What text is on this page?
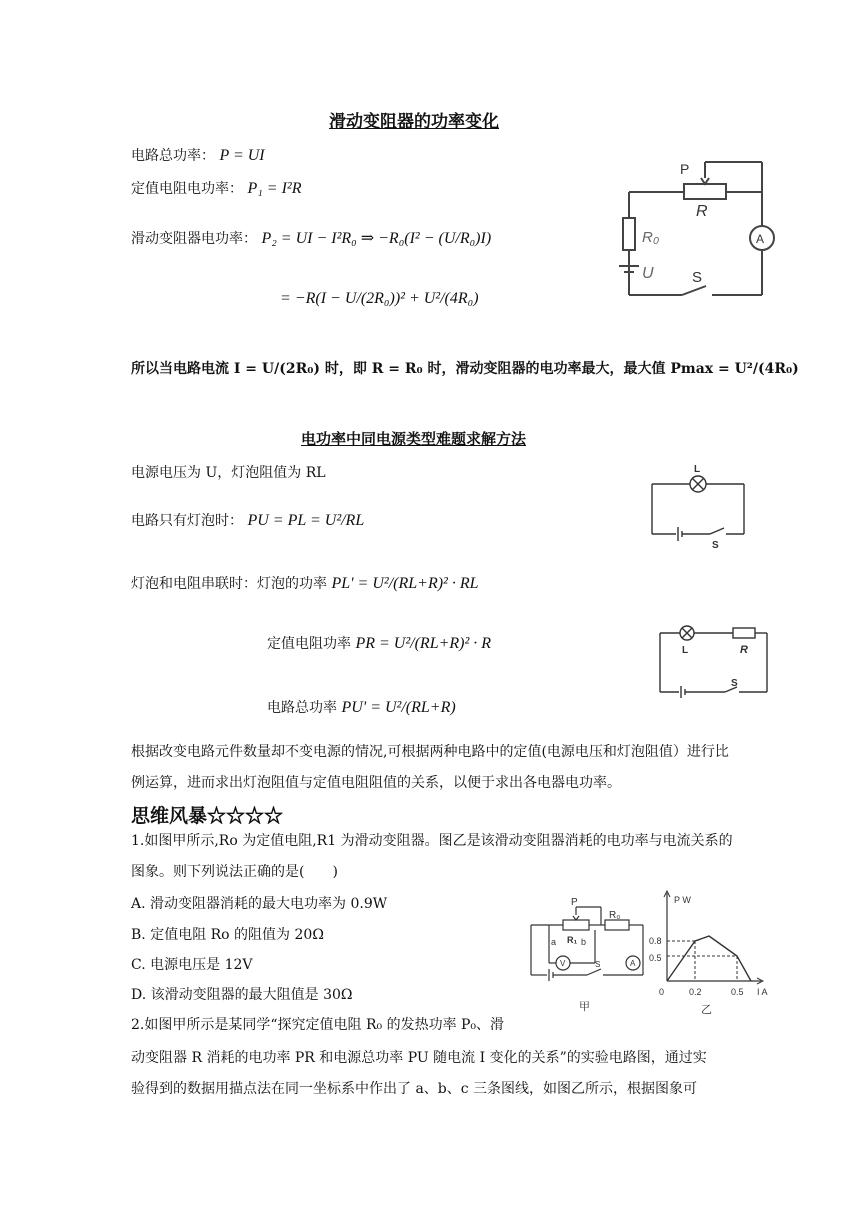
滑动变阻器的功率变化
电路总功率： P = UI
定值电阻电功率： P₁ = I²R
滑动变阻器电功率： P₂ = UI − I²R₀ ⇒ −R₀(I² − (U/R₀)I)
= −R(I − U/(2R₀))² + U²/(4R₀)
所以当电路电流 I = U/(2R₀) 时，即 R = R₀ 时，滑动变阻器的电功率最大，最大值 Pmax = U²/(4R₀)
P
R
R₀
U	S
A
电功率中同电源类型难题求解方法
电源电压为 U，灯泡阻值为 RL
电路只有灯泡时： PU = PL = U²/RL
灯泡和电阻串联时：灯泡的功率 PL' = U²/(RL+R)² · RL
定值电阻功率 PR = U²/(RL+R)² · R
电路总功率 PU' = U²/(RL+R)
L
S
L	R
S
根据改变电路元件数量却不变电源的情况,可根据两种电路中的定值(电源电压和灯泡阻值）进行比例运算，进而求出灯泡阻值与定值电阻阻值的关系，以便于求出各电器电功率。
思维风暴☆☆☆☆
1.如图甲所示,Ro 为定值电阻,R1 为滑动变阻器。图乙是该滑动变阻器消耗的电功率与电流关系的图象。则下列说法正确的是(　　)
A. 滑动变阻器消耗的最大电功率为 0.9W
B. 定值电阻 Ro 的阻值为 20Ω
C. 电源电压是 12V
D. 该滑动变阻器的最大阻值是 30Ω
2.如图甲所示是某同学“探究定值电阻 R₀ 的发热功率 P₀、滑
动变阻器 R 消耗的电功率 PR 和电源总功率 PU 随电流 I 变化的关系”的实验电路图，通过实
验得到的数据用描点法在同一坐标系中作出了 a、b、c 三条图线，如图乙所示，根据图象可
P
R₀
a R₁ b
V	A
S
甲
P W
I A
0
0.8
0.5
0.2	0.5
乙
